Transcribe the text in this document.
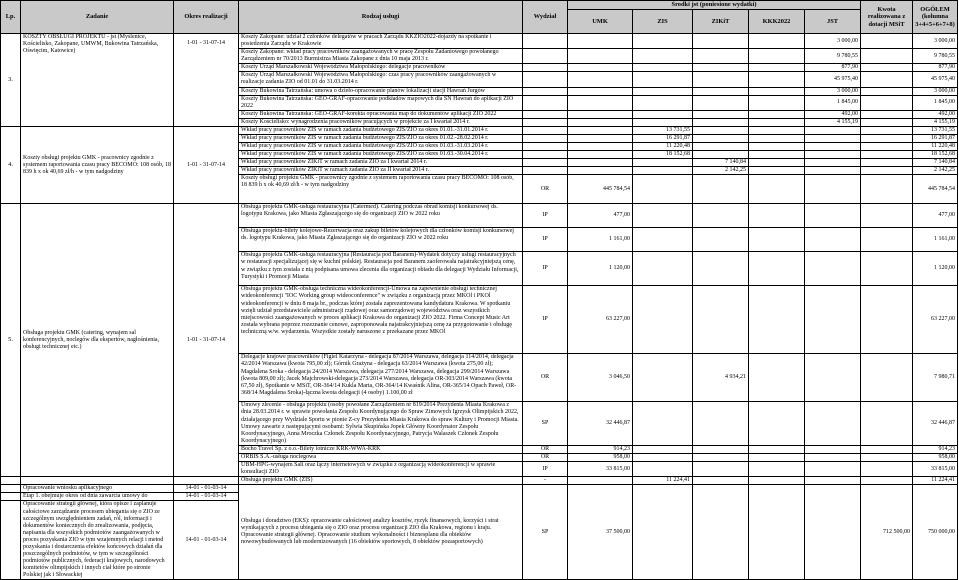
Lp.	Zadanie	Okres realizacji	Rodzaj usługi	Wydział	Środki jst (poniesione wydatki)					Kwota realizowana z dotacji MSiT	OGÓŁEM (kolumna 3+4+5+6+7+8)
					UMK	ZIS	ZIKiT	KKK2022	JST		
3.	KOSZTY OBSŁUGI PROJEKTU - jst (Myślenice, Kościelisko, Zakopane, UMWM, Bukowina Tatrzańska, Oświęcim, Katowice)	1-01 - 31-07-14	Koszty Zakopane: udział 2 członków delegatów w pracach Zarządu KKZIO2022-dojazdy na spotkanie i posiedzenia Zarządu w Krakowie						3 000,00		3 000,00
			Koszty Zakopane: wkład pracy pracowników zaangażowanych w pracę Zespołu Zadaniowego powołanego Zarządzeniem nr 70/2013 Burmistrza Miasta Zakopane z dnia 10 maja 2013 r.						9 780,55		9 780,55
			Koszty Urząd Marszałkowski Województwa Małopolskiego: delegacje pracowników						877,90		877,90
			Koszty Urząd Marszałkowski Województwa Małopolskiego: czas pracy pracowników zaangażowanych w realizacje zadania ZIO od 01.01 do 31.03.2014 r.						45 975,40		45 975,40
			Koszty Bukowina Tatrzańska: umowa o dzieło-opracowanie planów lokalizacji stacji Hawrań Jurgów						3 000,00		3 000,00
			Koszty Bukowina Tatrzańska: GEO-GRAF-opracowanie podkładów mapowych dla SN Hawrań do aplikacji ZIO 2022						1 845,00		1 845,00
			Koszty Bukowina Tatrzańska: GEO-GRAF-korekta opracowania map do dokumentów aplikacji ZIO 2022						492,00		492,00
			Koszty Kościelisko: wynagrodzenia pracowników pracujących w projekcie za I kwartał 2014 r.						4 155,19		4 155,19
4.	Koszty obsługi projektu GMK - pracownicy zgodnie z systemem raportowania czasu pracy BECOMO: 108 osób, 18 839 h x ok 40,69 zł/h - w tym nadgodziny	1-01 - 31-07-14	Wkład pracy pracowników ZIS w ramach zadania budżetowego ZIS/ZIO za okres 01.01.-31.01.2014 r.			13 731,55					13 731,55
			Wkład pracy pracowników ZIS w ramach zadania budżetowego ZIS/ZIO za okres 01.02.-28.02.2014 r.			16 291,87					16 291,87
			Wkład pracy pracowników ZIS w ramach zadania budżetowego ZIS/ZIO za okres 01.03.-31.03.2014 r.			11 220,48					11 220,48
			Wkład pracy pracowników ZIS w ramach zadania budżetowego ZIS/ZIO za okres 01.03.-30.04.2014 r.			18 152,68					18 152,68
			Wkład pracy pracowników ZIKiT w ramach zadania ZIO za I kwartał 2014 r.				7 140,84				7 140,84
			Wkład pracy pracowników ZIKiT w ramach zadania ZIO za II kwartał 2014 r.				2 142,25				2 142,25
			Koszty obsługi projektu GMK - pracownicy zgodnie z systemem raportowania czasu pracy BECOMO: 108 osób, 18 839 h x ok 40,69 zł/h - w tym nadgodziny	OR	445 784,54						445 784,54
5.	Obsługa projektu GMK (catering, wynajem sal konferencyjnych, noclegów dla ekspertów, nagłośnienia, obsługi technicznej etc.)	1-01 - 31-07-14	Obsługa projektu GMK-usługa restauracyjna (Catermed). Catering podczas obrad komisji konkursowej ds. logotypu Krakowa, jako Miasta Zgłaszającego się do organizacji ZIO w 2022 roku	IP	477,00						477,00
			Obsługa projektu-bilety kolejowe-Rezerwacja oraz zakup biletów kolejowych dla członków komisji konkursowej ds. logotypu Krakowa, jako Miasta Zgłaszającego się do organizacji ZIO w 2022 roku	IP	1 161,00						1 161,00
			Obsługa projektu GMK-usługa restauracyjna (Restauracja pod Baranem)-Wydatek dotyczy usługi restauracyjnych w restauracji specjalizującej się w kuchni polskiej. Restauracja pod Baranem zaoferowała najatrakcyjniejszą cenę, w związku z tym została z nią podpisana umowa zlecenia dla organizacji obiadu dla delegacji Wydziału Informacji, Turystyki i Promocji Miasta	IP	1 120,00						1 120,00
			Obsługa projektu GMK-obsługa techniczna wideokonferencji-Umowa na zapewnienie obsługi technicznej wideokonferencji "IOC Working group wideoconference" w związku z organizacją przez MKOl i PKOl wideokonferencji w dniu 8 maja br., podczas której została zaprezentowana kandydatura Krakowa. W spotkaniu wzięli udział przedstawiciele administracji rządowej oraz samorządowej województwa oraz wszystkich miejscowości zaangażowanych w proces aplikacji Krakowa do organizacji ZIO 2022. Firma Concept Music Art została wybrana poprzez rozeznanie cenowe, zaproponowała najatrakcyjniejszą cenę za przygotowanie i obsługę techniczną w/w. wydarzenia. Wszystkie zostały naruszone z przekazane przez MKOl	IP	63 227,00						63 227,00
			Delegacje krajowe pracowników (Figiel Katarzyna - delegacja 87/2014 Warszawa, delegacja 114/2014, delegacja 42/2014 Warszawa (kwota 795,00 zł); Górnik Grażyna - delegacja 63/2014 Warszawa (kwota 275,00 zł); Magdalena Sroka - delegacja 24/2014 Warszawa, delegacja 277/2014 Warszawa, delegacja 299/2014 Warszawa (kwota 809,00 zł); Jacek Majchrowski-delegacja 273/2014 Warszawa, delegacja OR-303/2014 Warszawa (kwota 67,50 zł), Spotkanie w MSiT, OR-364/14 Kukla Marta, OR-364/14 Kwaśnik Alina, OR-365/14 Opach Paweł, OR-368/14 Magdalena Sroka)-łączna kwota delegacji (4 osoby) 1.100,00 zł	OR	3 046,50		4 934,21				7 980,71
			Umowy zlecenie - obsługa projektu (osoby powołane Zarządzeniem nr 819/2014 Prezydenta Miasta Krakowa z dnia 28.03.2014 r. w sprawie powołania Zespołu Koordynującego do Spraw Zimowych Igrzysk Olimpijskich 2022, działającego przy Wydziale Sportu w pionie Z-cy Prezydenta Miasta Krakowa do spraw Kultury i Promocji Miasta. Umowy zawarte z następującymi osobami: Sylwia Skupińska Jopek Główny Koordynator Zespołu Koordynacyjnego, Anna Mroczka Członek Zespołu Koordynacyjnego, Patrycja Walaszek Członek Zespołu Koordynacyjnego)	SP	32 446,87						32 446,87
			Bocho Travel Sp. z o.o.-Bilety lotnicze KRK-WWA-KRK	OR	914,23						914,23
			ORBIS S.A.-usługa noclegowa	OR	958,00						958,00
			UBM-HPG-wynajem Sali oraz łączy internetowych w związku z organizacją wideokonferencji w sprawie konsultacji ZIO	IP	33 815,00						33 815,00
			Obsługa projektu GMK (ZIS)	-		11 224,41					11 224,41
	Opracowanie wniosku aplikacyjnego	14-01 - 01-03-14	Obsługa i doradztwo (EKS): opracowanie całościowej analizy kosztów, ryzyk finansowych, korzyści i strat wynikających z procesu ubiegania się o ZIO oraz procesu organizacji ZIO dla Krakowa, regionu i kraju. Opracowanie strategii głównej. Opracowanie studium wykonalności i biznesplanu dla obiektów nowowybudowanych lub modernizowanych (16 obiektów sportowych, 8 obiektów pozasportowych)	SP	37 500,00					712 500,00	750 000,00
	Etap 1. obejmuje okres od dnia zawarcia umowy do	14-01 - 01-03-14									
	Opracowanie strategii głównej, która opisze i zaplanuje całościowe zarządzanie procesem ubiegania się o ZIO ze szczególnym uwzględnieniem zadań, ról, informacji i dokumentów koniecznych do zrealizowania, podjęcia, napisania dla wszystkich podmiotów zaangażowanych w proces pozyskania ZIO w tym wzajemnych relacji i metod pozyskania i dostarczenia efektów końcowych działań dla poszczególnych podmiotów, w tym w szczególności podmiotów publicznych, federacji krajowych, narodowych komitetów olimpijskich i innych ciał które po stronie Polskiej jak i Słowackiej	14-01 - 01-03-14									
